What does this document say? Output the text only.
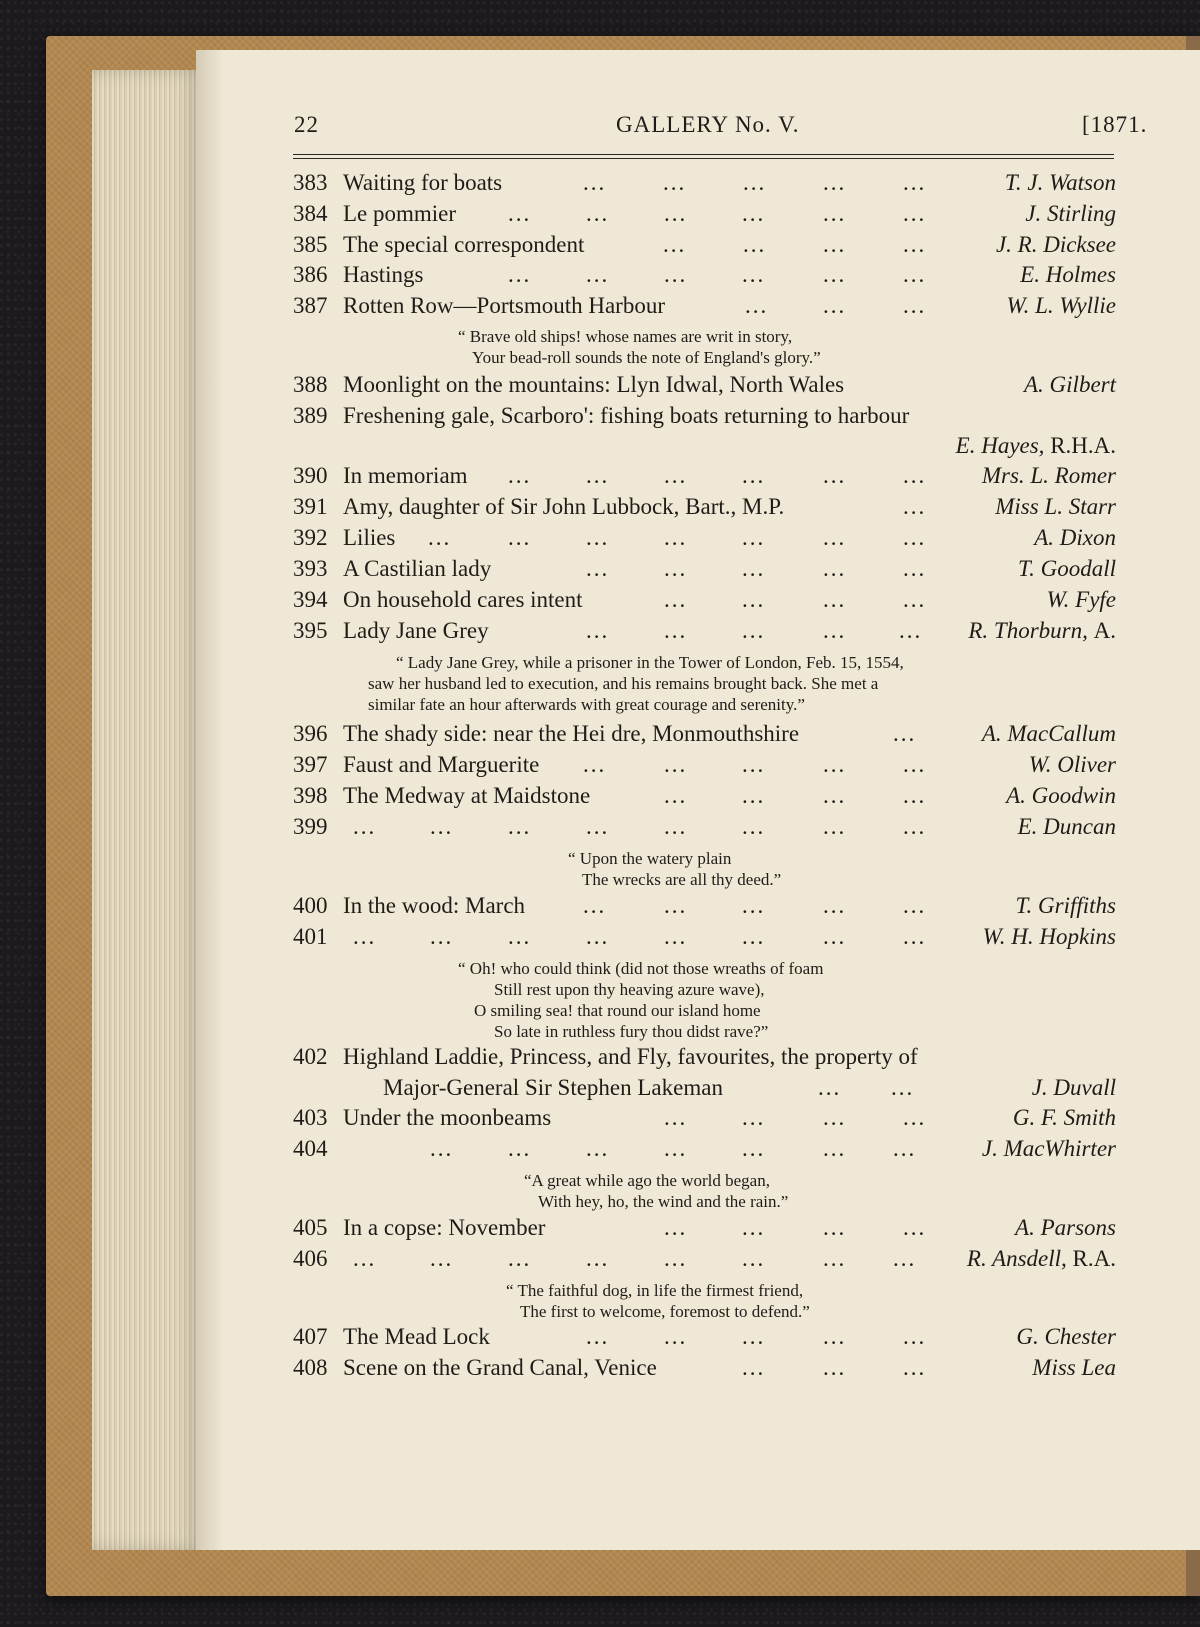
22	GALLERY No. V.	[1871.
383 Waiting for boats	... ... ... ... ...	T. J. Watson
384 Le pommier ... ... ... ...	... ...	J. Stirling
385 The special correspondent	... ... ... ...	J. R. Dicksee
386 Hastings	... ... ... ...	... ...	E. Holmes
387 Rotten Row—Portsmouth Harbour	... ... ...	W. L. Wyllie
“ Brave old ships! whose names are writ in story,
Your bead-roll sounds the note of England's glory.”
388 Moonlight on the mountains: Llyn Idwal, North Wales	A. Gilbert
389 Freshening gale, Scarboro': fishing boats returning to harbour
E. Hayes, R.H.A.
390 In memoriam ... ... ... ...	... ... Mrs. L. Romer
391 Amy, daughter of Sir John Lubbock, Bart., M.P.	...	Miss L. Starr
392 Lilies ... ... ... ... ...	... ...	A. Dixon
393 A Castilian lady	... ... ...	... ...	T. Goodall
394 On household cares intent	... ...	... ...	W. Fyfe
395 Lady Jane Grey	... ... ...	... ... R. Thorburn, A.
“ Lady Jane Grey, while a prisoner in the Tower of London, Feb. 15, 1554,
saw her husband led to execution, and his remains brought back. She met a
similar fate an hour afterwards with great courage and serenity.”
396 The shady side: near the Hei dre, Monmouthshire	...	A. MacCallum
397 Faust and Marguerite ...	... ...	... ...	W. Oliver
398 The Medway at Maidstone	... ...	... ...	A. Goodwin
399 ... ... ... ... ... ...	... ...	E. Duncan
“ Upon the watery plain
The wrecks are all thy deed.”
400 In the wood: March	...	... ...	... ...	T. Griffiths
401 ... ... ... ... ... ...	... ... W. H. Hopkins
“ Oh! who could think (did not those wreaths of foam
Still rest upon thy heaving azure wave),
O smiling sea! that round our island home
So late in ruthless fury thou didst rave?”
402 Highland Laddie, Princess, and Fly, favourites, the property of
Major-General Sir Stephen Lakeman	... ...	J. Duvall
403 Under the moonbeams	... ...	... ...	G. F. Smith
404	... ... ... ... ...	... ...	J. MacWhirter
“A great while ago the world began,
With hey, ho, the wind and the rain.”
405 In a copse: November	... ...	... ...	A. Parsons
406 ... ... ... ... ... ...	... ... R. Ansdell, R.A.
“ The faithful dog, in life the firmest friend,
The first to welcome, foremost to defend.”
407 The Mead Lock	... ... ...	... ...	G. Chester
408 Scene on the Grand Canal, Venice	...	... ...	Miss Lea
